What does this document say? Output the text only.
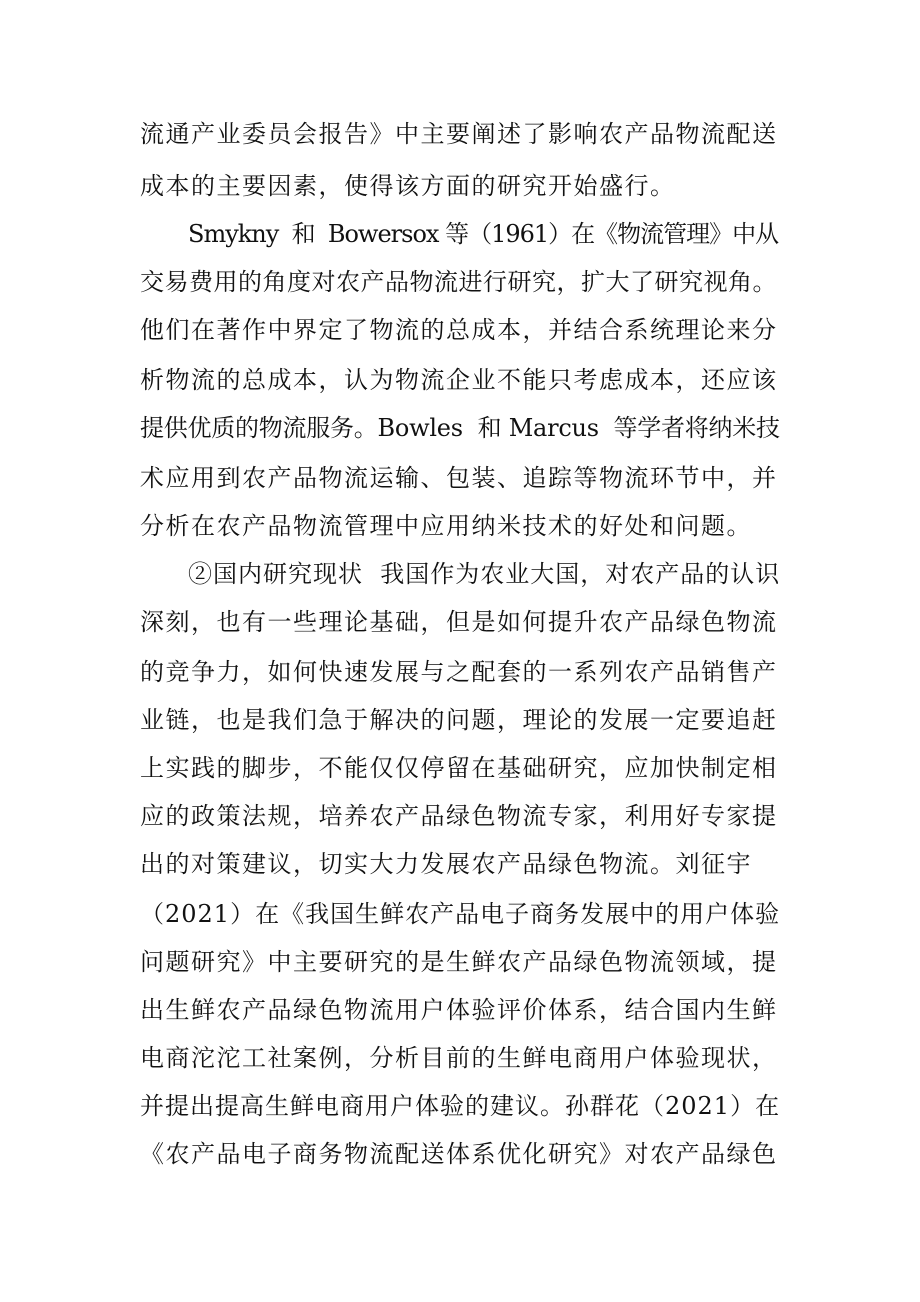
流通产业委员会报告》中主要阐述了影响农产品物流配送
成本的主要因素，使得该方面的研究开始盛行。
Smykny  和  Bowersox 等（1961）在《物流管理》中从
交易费用的角度对农产品物流进行研究，扩大了研究视角。
他们在著作中界定了物流的总成本，并结合系统理论来分
析物流的总成本，认为物流企业不能只考虑成本，还应该
提供优质的物流服务。Bowles  和 Marcus  等学者将纳米技
术应用到农产品物流运输、包装、追踪等物流环节中，并
分析在农产品物流管理中应用纳米技术的好处和问题。
②国内研究现状  我国作为农业大国，对农产品的认识
深刻，也有一些理论基础，但是如何提升农产品绿色物流
的竞争力，如何快速发展与之配套的一系列农产品销售产
业链，也是我们急于解决的问题，理论的发展一定要追赶
上实践的脚步，不能仅仅停留在基础研究，应加快制定相
应的政策法规，培养农产品绿色物流专家，利用好专家提
出的对策建议，切实大力发展农产品绿色物流。刘征宇
（2021）在《我国生鲜农产品电子商务发展中的用户体验
问题研究》中主要研究的是生鲜农产品绿色物流领域，提
出生鲜农产品绿色物流用户体验评价体系，结合国内生鲜
电商沱沱工社案例，分析目前的生鲜电商用户体验现状，
并提出提高生鲜电商用户体验的建议。孙群花（2021）在
《农产品电子商务物流配送体系优化研究》对农产品绿色
